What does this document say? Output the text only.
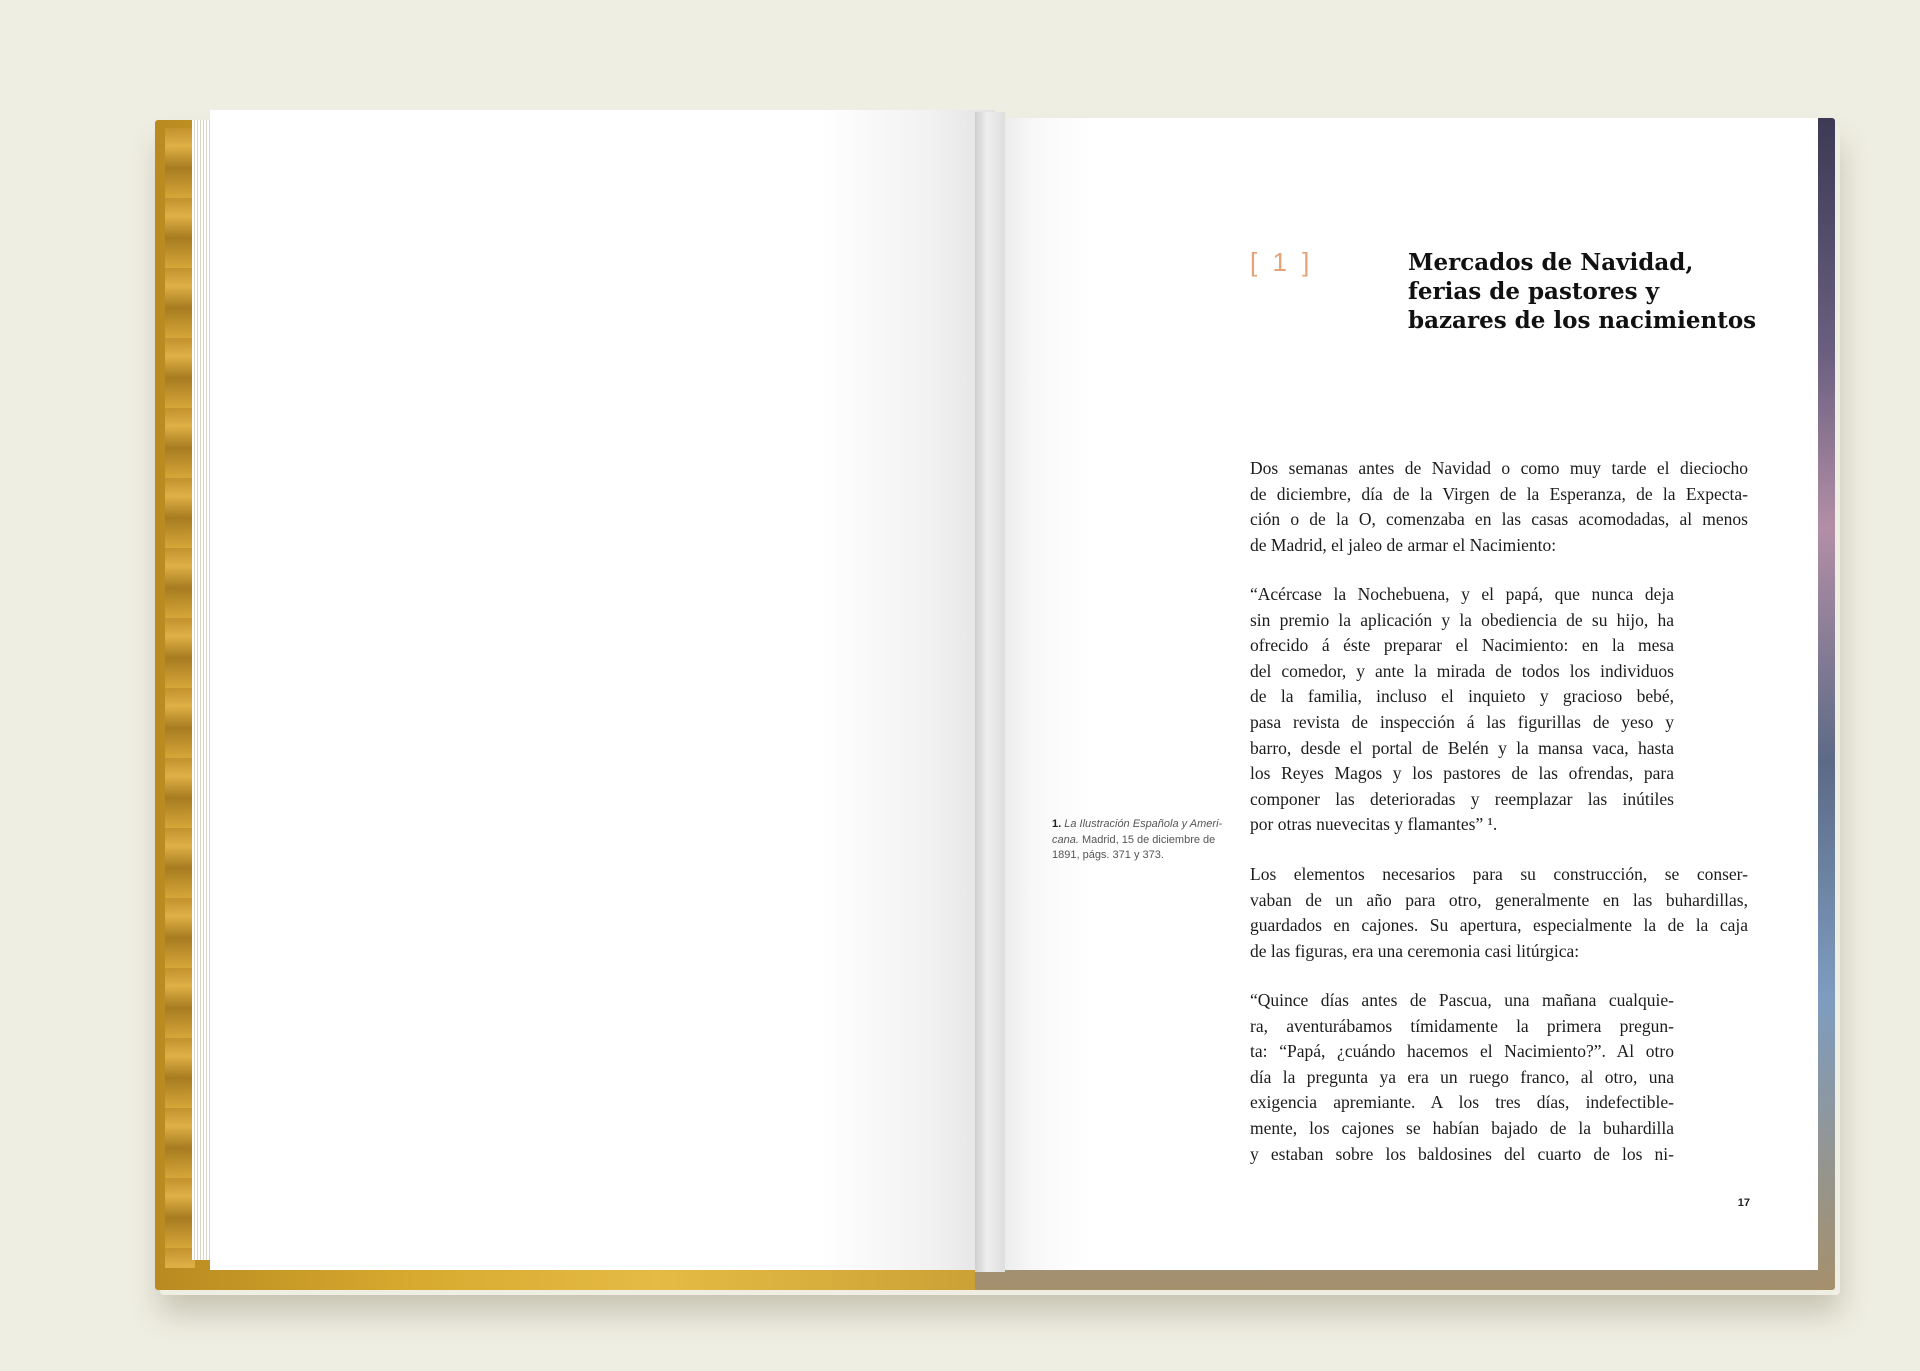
[ 1 ]	Mercados de Navidad,
ferias de pastores y
bazares de los nacimientos

Dos semanas antes de Navidad o como muy tarde el dieciocho
de diciembre, día de la Virgen de la Esperanza, de la Expecta-
ción o de la O, comenzaba en las casas acomodadas, al menos
de Madrid, el jaleo de armar el Nacimiento:

“Acércase la Nochebuena, y el papá, que nunca deja
sin premio la aplicación y la obediencia de su hijo, ha
ofrecido á éste preparar el Nacimiento: en la mesa
del comedor, y ante la mirada de todos los individuos
de la familia, incluso el inquieto y gracioso bebé,
pasa revista de inspección á las figurillas de yeso y
barro, desde el portal de Belén y la mansa vaca, hasta
los Reyes Magos y los pastores de las ofrendas, para
componer las deterioradas y reemplazar las inútiles
por otras nuevecitas y flamantes” ¹.

1. La Ilustración Española y Ameri-
cana. Madrid, 15 de diciembre de
1891, págs. 371 y 373.

Los elementos necesarios para su construcción, se conser-
vaban de un año para otro, generalmente en las buhardillas,
guardados en cajones. Su apertura, especialmente la de la caja
de las figuras, era una ceremonia casi litúrgica:

“Quince días antes de Pascua, una mañana cualquie-
ra, aventurábamos tímidamente la primera pregun-
ta: “Papá, ¿cuándo hacemos el Nacimiento?”. Al otro
día la pregunta ya era un ruego franco, al otro, una
exigencia apremiante. A los tres días, indefectible-
mente, los cajones se habían bajado de la buhardilla
y estaban sobre los baldosines del cuarto de los ni-

17
